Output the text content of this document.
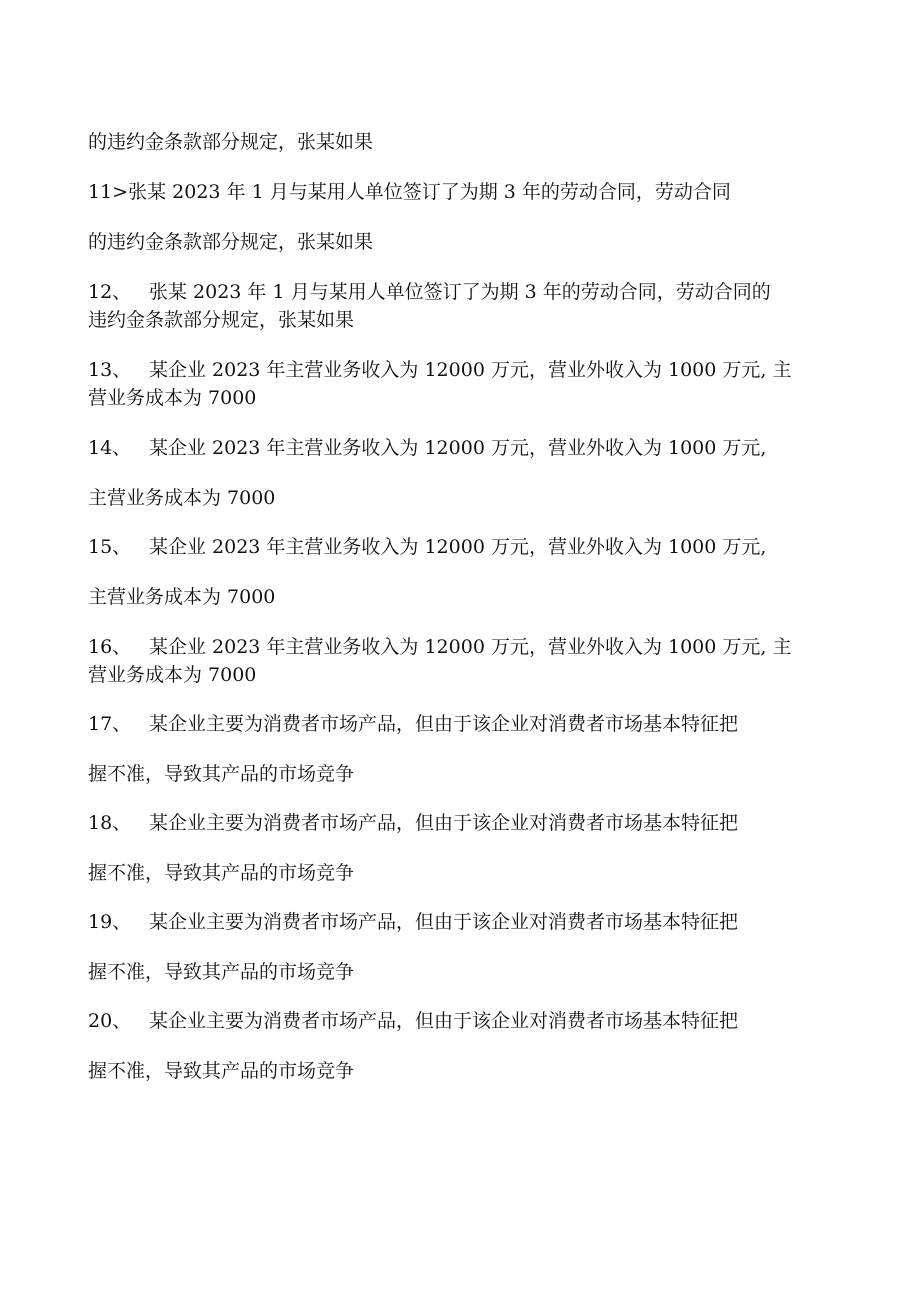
的违约金条款部分规定，张某如果
11>张某 2023 年 1 月与某用人单位签订了为期 3 年的劳动合同，劳动合同
的违约金条款部分规定，张某如果
12、 张某 2023 年 1 月与某用人单位签订了为期 3 年的劳动合同，劳动合同的
违约金条款部分规定，张某如果
13、 某企业 2023 年主营业务收入为 12000 万元，营业外收入为 1000 万元, 主
营业务成本为 7000
14、 某企业 2023 年主营业务收入为 12000 万元，营业外收入为 1000 万元,
主营业务成本为 7000
15、 某企业 2023 年主营业务收入为 12000 万元，营业外收入为 1000 万元,
主营业务成本为 7000
16、 某企业 2023 年主营业务收入为 12000 万元，营业外收入为 1000 万元, 主
营业务成本为 7000
17、 某企业主要为消费者市场产品，但由于该企业对消费者市场基本特征把
握不准，导致其产品的市场竞争
18、 某企业主要为消费者市场产品，但由于该企业对消费者市场基本特征把
握不准，导致其产品的市场竞争
19、 某企业主要为消费者市场产品，但由于该企业对消费者市场基本特征把
握不准，导致其产品的市场竞争
20、 某企业主要为消费者市场产品，但由于该企业对消费者市场基本特征把
握不准，导致其产品的市场竞争
